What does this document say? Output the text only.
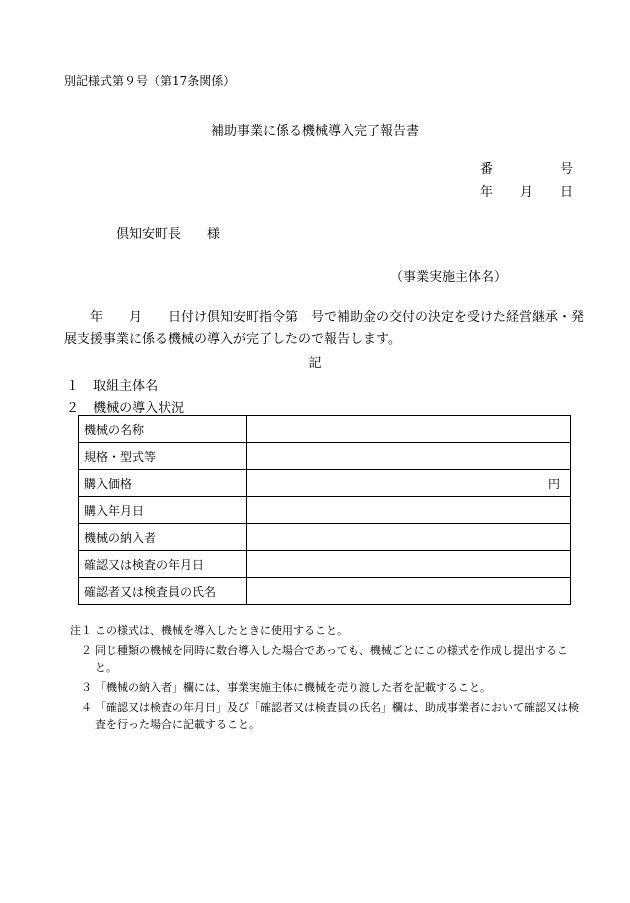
別記様式第９号（第17条関係）
補助事業に係る機械導入完了報告書
番	号
年 月 日
倶知安町長　　様
（事業実施主体名）
　　年　　月　　日付け倶知安町指令第　号で補助金の交付の決定を受けた経営継承・発展支援事業に係る機械の導入が完了したので報告します。
記
１ 取組主体名
２ 機械の導入状況
機械の名称	
規格・型式等	
購入価格	円
購入年月日	
機械の納入者	
確認又は検査の年月日	
確認者又は検査員の氏名	
注１ この様式は、機械を導入したときに使用すること。
２ 同じ種類の機械を同時に数台導入した場合であっても、機械ごとにこの様式を作成し提出すること。
３ 「機械の納入者」欄には、事業実施主体に機械を売り渡した者を記載すること。
４ 「確認又は検査の年月日」及び「確認者又は検査員の氏名」欄は、助成事業者において確認又は検査を行った場合に記載すること。
